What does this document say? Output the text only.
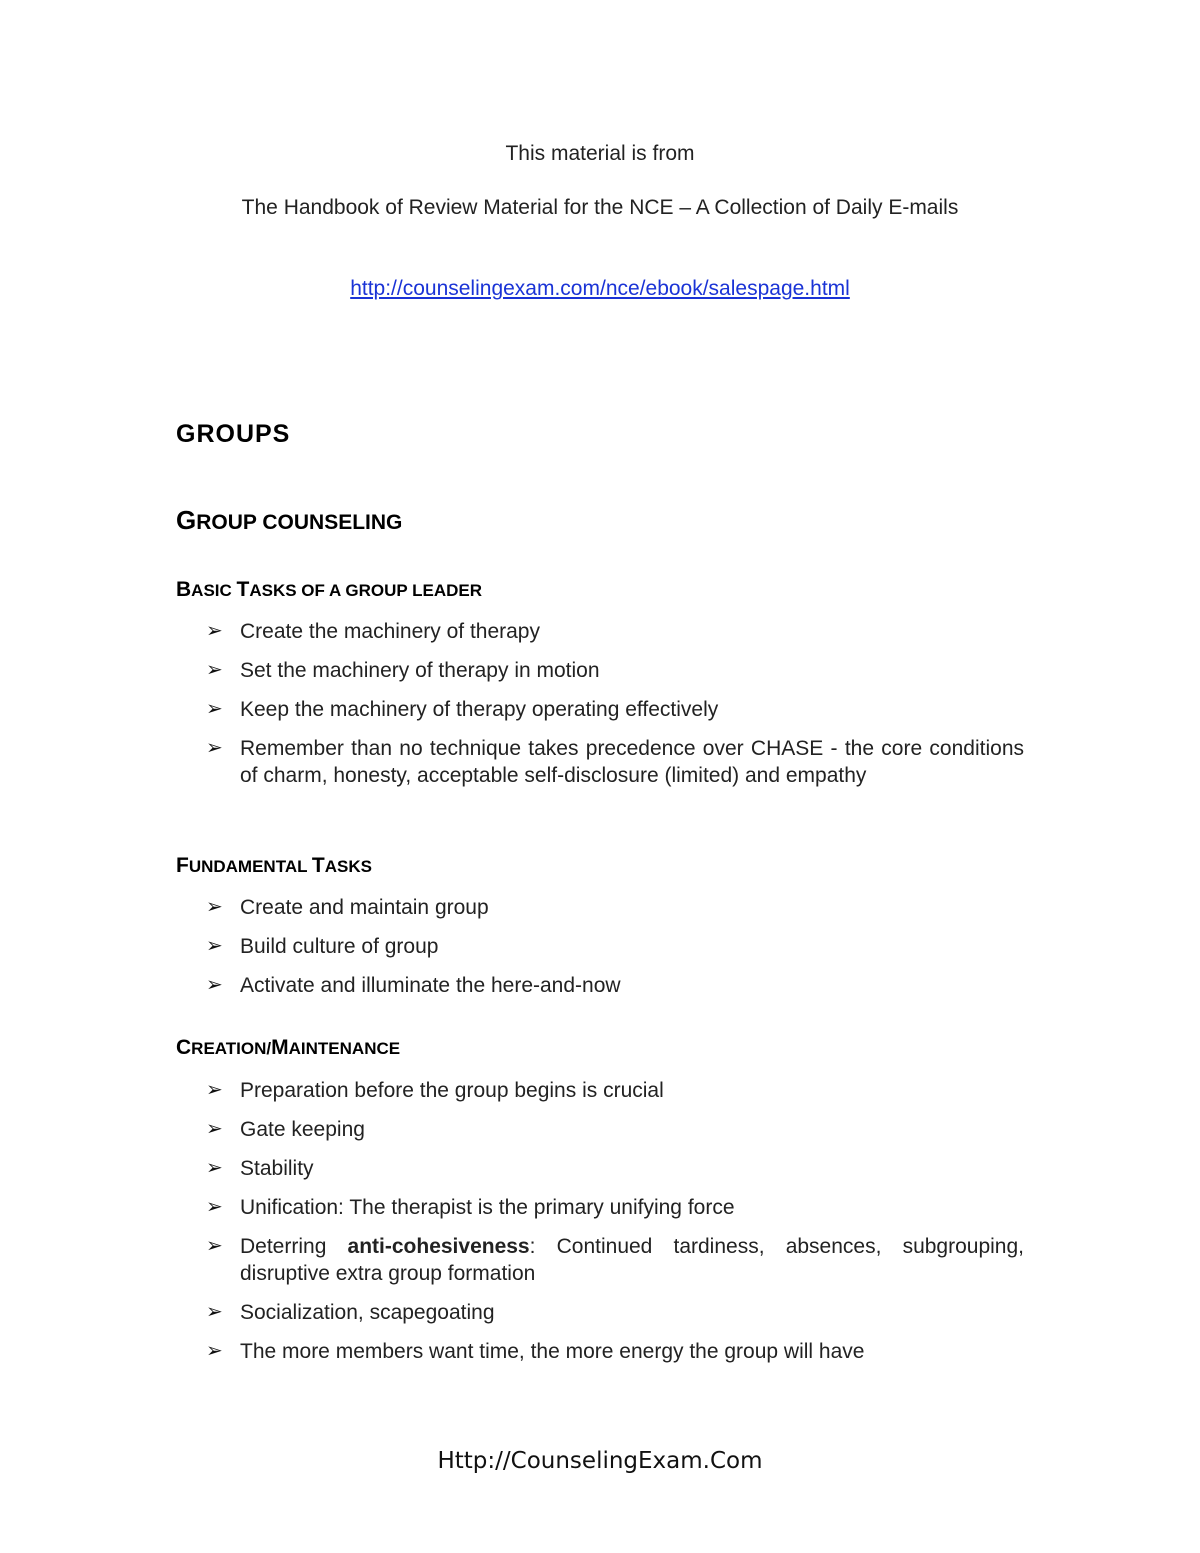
This material is from
The Handbook of Review Material for the NCE – A Collection of Daily E-mails
http://counselingexam.com/nce/ebook/salespage.html
GROUPS
GROUP COUNSELING
BASIC TASKS OF A GROUP LEADER
➢ Create the machinery of therapy
➢ Set the machinery of therapy in motion
➢ Keep the machinery of therapy operating effectively
➢ Remember than no technique takes precedence over CHASE - the core conditions of charm, honesty, acceptable self-disclosure (limited) and empathy
FUNDAMENTAL TASKS
➢ Create and maintain group
➢ Build culture of group
➢ Activate and illuminate the here-and-now
CREATION/MAINTENANCE
➢ Preparation before the group begins is crucial
➢ Gate keeping
➢ Stability
➢ Unification: The therapist is the primary unifying force
➢ Deterring anti-cohesiveness: Continued tardiness, absences, subgrouping, disruptive extra group formation
➢ Socialization, scapegoating
➢ The more members want time, the more energy the group will have
Http://CounselingExam.Com
